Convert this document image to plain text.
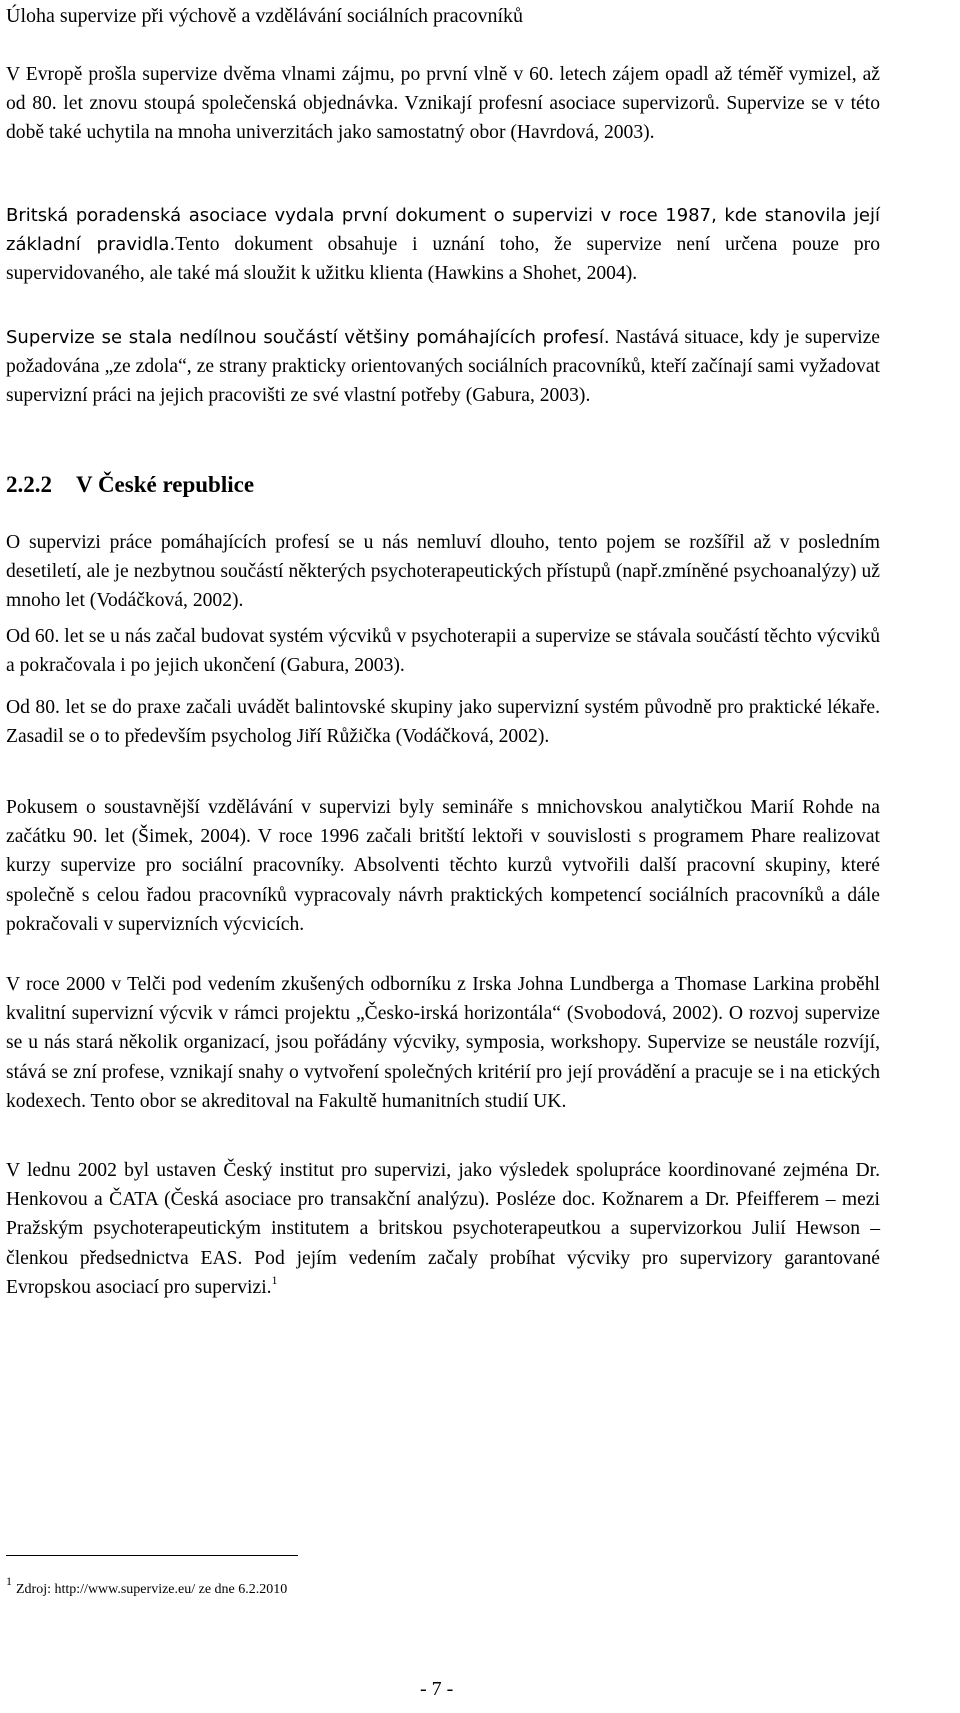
Úloha supervize při výchově a vzdělávání sociálních pracovníků

V Evropě prošla supervize dvěma vlnami zájmu, po první vlně v 60. letech zájem opadl až téměř vymizel, až od 80. let znovu stoupá společenská objednávka. Vznikají profesní asociace supervizorů. Supervize se v této době také uchytila na mnoha univerzitách jako samostatný obor (Havrdová, 2003).

Britská poradenská asociace vydala první dokument o supervizi v roce 1987, kde stanovila její základní pravidla.Tento dokument obsahuje i uznání toho, že supervize není určena pouze pro supervidovaného, ale také má sloužit k užitku klienta (Hawkins a Shohet, 2004).

Supervize se stala nedílnou součástí většiny pomáhajících profesí. Nastává situace, kdy je supervize požadována „ze zdola“, ze strany prakticky orientovaných sociálních pracovníků, kteří začínají sami vyžadovat supervizní práci na jejich pracovišti ze své vlastní potřeby (Gabura, 2003).

2.2.2 V České republice

O supervizi práce pomáhajících profesí se u nás nemluví dlouho, tento pojem se rozšířil až v posledním desetiletí, ale je nezbytnou součástí některých psychoterapeutických přístupů (např.zmíněné psychoanalýzy) už mnoho let (Vodáčková, 2002).

Od 60. let se u nás začal budovat systém výcviků v psychoterapii a supervize se stávala součástí těchto výcviků a pokračovala i po jejich ukončení (Gabura, 2003).

Od 80. let se do praxe začali uvádět balintovské skupiny jako supervizní systém původně pro praktické lékaře. Zasadil se o to především psycholog Jiří Růžička (Vodáčková, 2002).

Pokusem o soustavnější vzdělávání v supervizi byly semináře s mnichovskou analytičkou Marií Rohde na začátku 90. let (Šimek, 2004). V roce 1996 začali britští lektoři v souvislosti s programem Phare realizovat kurzy supervize pro sociální pracovníky. Absolventi těchto kurzů vytvořili další pracovní skupiny, které společně s celou řadou pracovníků vypracovaly návrh praktických kompetencí sociálních pracovníků a dále pokračovali v supervizních výcvicích.

V roce 2000 v Telči pod vedením zkušených odborníku z Irska Johna Lundberga a Thomase Larkina proběhl kvalitní supervizní výcvik v rámci projektu „Česko-irská horizontála“ (Svobodová, 2002). O rozvoj supervize se u nás stará několik organizací, jsou pořádány výcviky, symposia, workshopy. Supervize se neustále rozvíjí, stává se zní profese, vznikají snahy o vytvoření společných kritérií pro její provádění a pracuje se i na etických kodexech. Tento obor se akreditoval na Fakultě humanitních studií UK.

V lednu 2002 byl ustaven Český institut pro supervizi, jako výsledek spolupráce koordinované zejména Dr. Henkovou a ČATA (Česká asociace pro transakční analýzu). Posléze doc. Kožnarem a Dr. Pfeifferem – mezi Pražským psychoterapeutickým institutem a britskou psychoterapeutkou a supervizorkou Julií Hewson – členkou předsednictva EAS. Pod jejím vedením začaly probíhat výcviky pro supervizory garantované Evropskou asociací pro supervizi.$^1$

$^1$Zdroj: http://www.supervize.eu/ ze dne 6.2.2010
- 7 -
